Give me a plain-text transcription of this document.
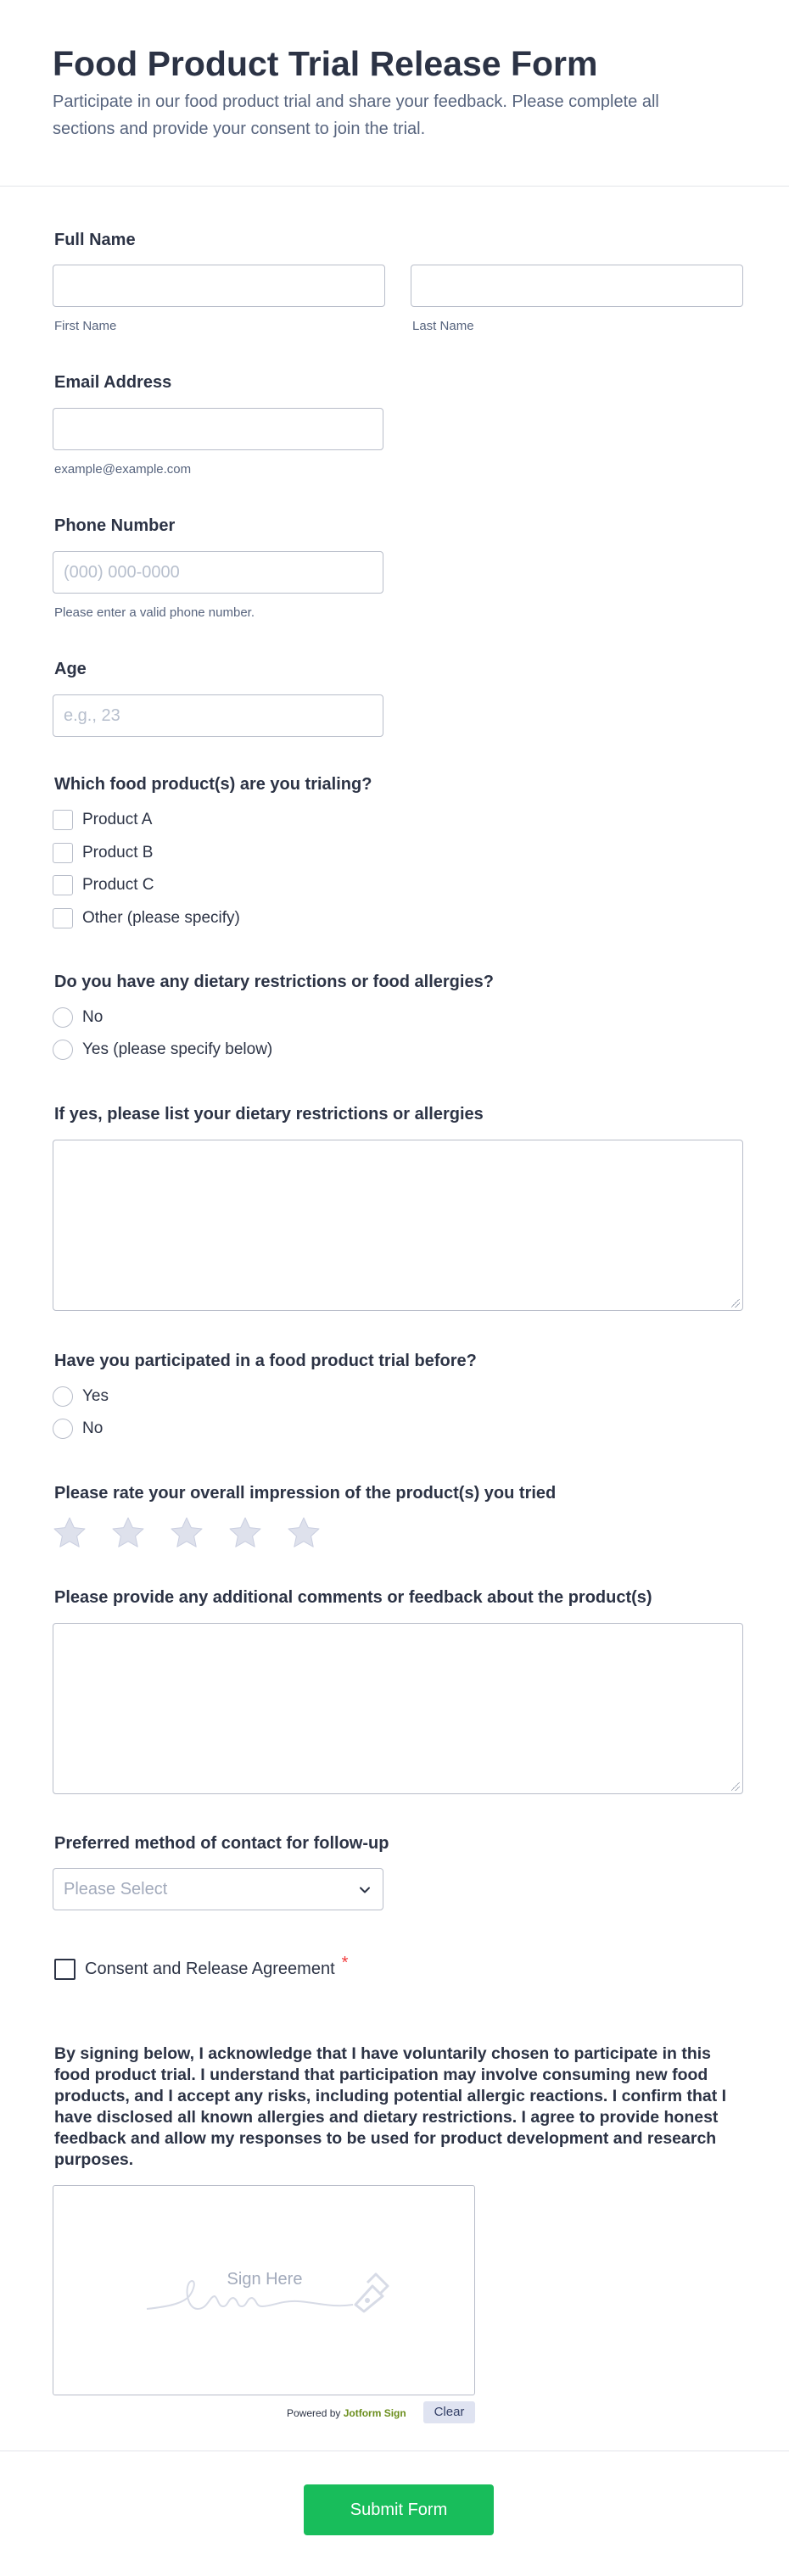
Food Product Trial Release Form

Participate in our food product trial and share your feedback. Please complete all sections and provide your consent to join the trial.

Full Name
First Name	Last Name
Email Address
example@example.com
Phone Number
(000) 000-0000
Please enter a valid phone number.
Age
e.g., 23
Which food product(s) are you trialing?
Product A
Product B
Product C
Other (please specify)
Do you have any dietary restrictions or food allergies?
No
Yes (please specify below)
If yes, please list your dietary restrictions or allergies
Have you participated in a food product trial before?
Yes
No
Please rate your overall impression of the product(s) you tried
Please provide any additional comments or feedback about the product(s)
Preferred method of contact for follow-up
Please Select
Consent and Release Agreement *
By signing below, I acknowledge that I have voluntarily chosen to participate in this food product trial. I understand that participation may involve consuming new food products, and I accept any risks, including potential allergic reactions. I confirm that I have disclosed all known allergies and dietary restrictions. I agree to provide honest feedback and allow my responses to be used for product development and research purposes.
Sign Here
Powered by Jotform Sign	Clear
Submit Form
